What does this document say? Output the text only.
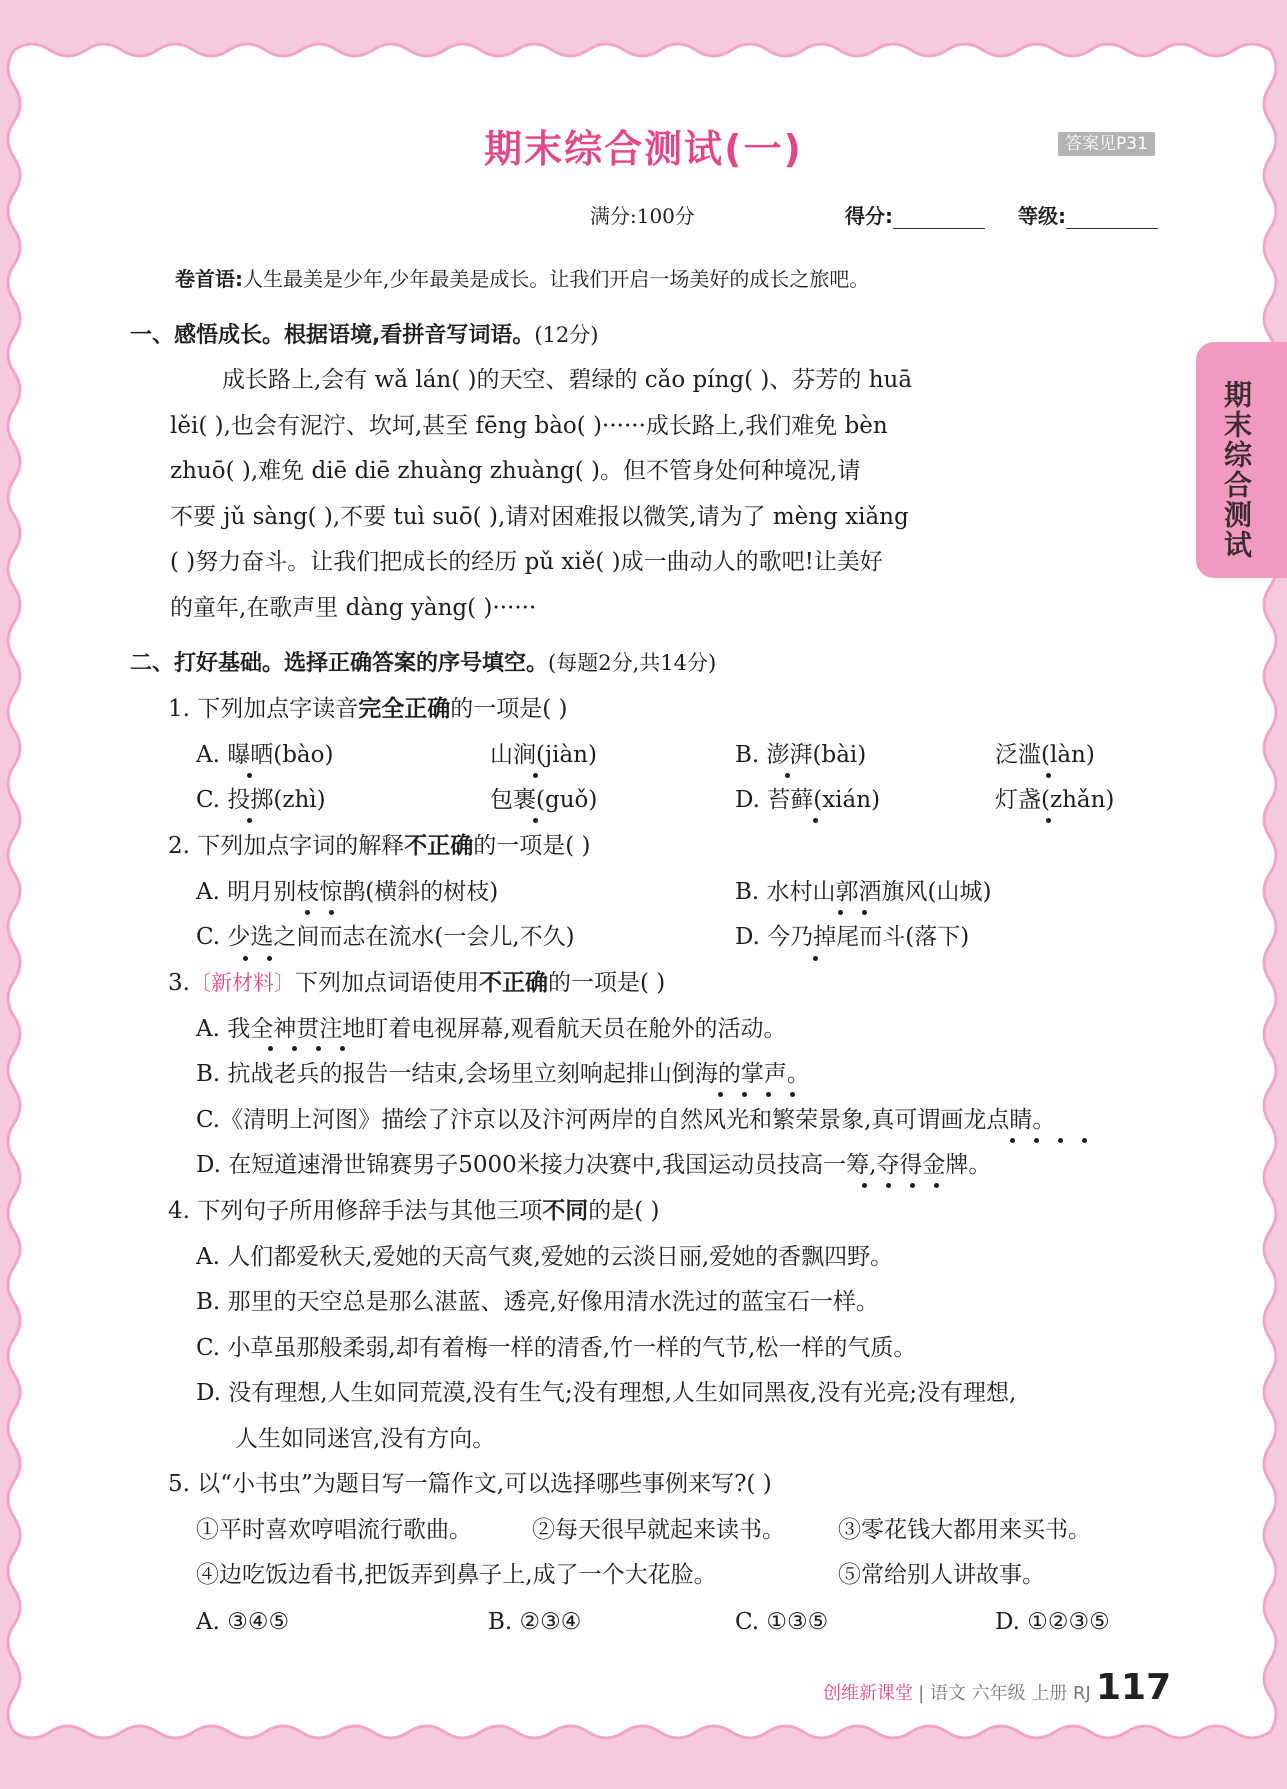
期末综合测试(一)	答案见P31
满分:100分	得分:	等级:
卷首语:人生最美是少年,少年最美是成长。让我们开启一场美好的成长之旅吧。
一、感悟成长。根据语境,看拼音写词语。(12分)
成长路上,会有 wǎ lán( )的天空、碧绿的 cǎo píng( )、芬芳的 huā
lěi( ),也会有泥泞、坎坷,甚至 fēng bào( )······成长路上,我们难免 bèn
zhuō( ),难免 diē diē zhuàng zhuàng( )。但不管身处何种境况,请
不要 jǔ sàng( ),不要 tuì suō( ),请对困难报以微笑,请为了 mèng xiǎng
( )努力奋斗。让我们把成长的经历 pǔ xiě( )成一曲动人的歌吧!让美好
的童年,在歌声里 dàng yàng( )······
二、打好基础。选择正确答案的序号填空。(每题2分,共14分)
1. 下列加点字读音完全正确的一项是( )
A. 曝晒(bào)	山涧(jiàn)	B. 澎湃(bài)	泛滥(làn)
C. 投掷(zhì)	包裹(guǒ)	D. 苔藓(xián)	灯盏(zhǎn)
2. 下列加点字词的解释不正确的一项是( )
A. 明月别枝惊鹊(横斜的树枝)	B. 水村山郭酒旗风(山城)
C. 少选之间而志在流水(一会儿,不久)	D. 今乃掉尾而斗(落下)
3.〔新材料〕下列加点词语使用不正确的一项是( )
A. 我全神贯注地盯着电视屏幕,观看航天员在舱外的活动。
B. 抗战老兵的报告一结束,会场里立刻响起排山倒海的掌声。
C.《清明上河图》描绘了汴京以及汴河两岸的自然风光和繁荣景象,真可谓画龙点睛。
D. 在短道速滑世锦赛男子5000米接力决赛中,我国运动员技高一筹,夺得金牌。
4. 下列句子所用修辞手法与其他三项不同的是( )
A. 人们都爱秋天,爱她的天高气爽,爱她的云淡日丽,爱她的香飘四野。
B. 那里的天空总是那么湛蓝、透亮,好像用清水洗过的蓝宝石一样。
C. 小草虽那般柔弱,却有着梅一样的清香,竹一样的气节,松一样的气质。
D. 没有理想,人生如同荒漠,没有生气;没有理想,人生如同黑夜,没有光亮;没有理想,
人生如同迷宫,没有方向。
5. 以“小书虫”为题目写一篇作文,可以选择哪些事例来写?( )
①平时喜欢哼唱流行歌曲。	②每天很早就起来读书。 ③零花钱大都用来买书。
④边吃饭边看书,把饭弄到鼻子上,成了一个大花脸。	⑤常给别人讲故事。
A. ③④⑤	B. ②③④	C. ①③⑤	D. ①②③⑤
期末综合测试
创维新课堂 | 语文 六年级 上册 RJ 117
